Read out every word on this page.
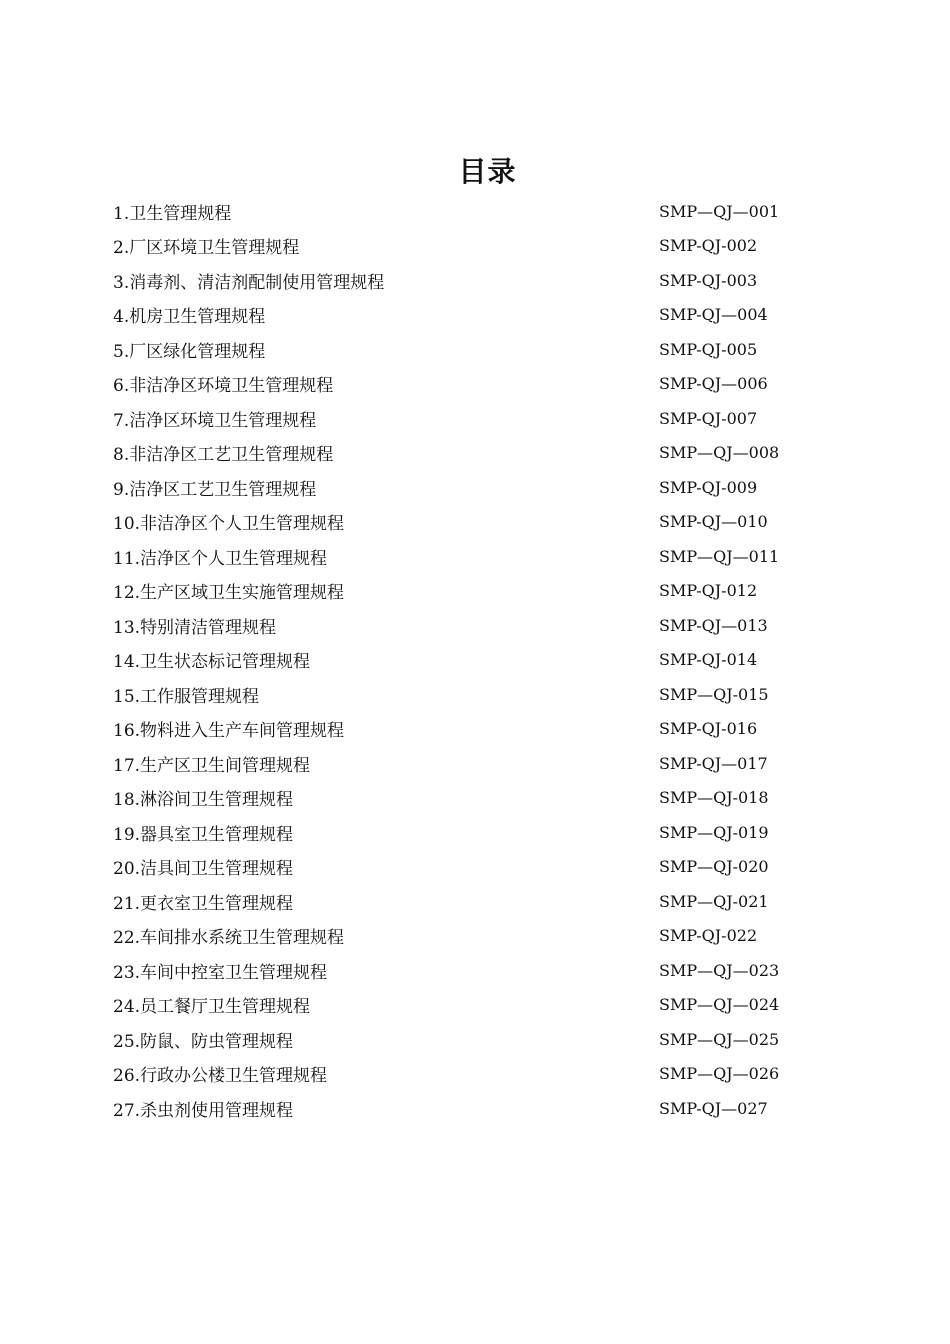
目录
1.卫生管理规程	SMP—QJ—001
2.厂区环境卫生管理规程	SMP-QJ-002
3.消毒剂、清洁剂配制使用管理规程	SMP-QJ-003
4.机房卫生管理规程	SMP-QJ—004
5.厂区绿化管理规程	SMP-QJ-005
6.非洁净区环境卫生管理规程	SMP-QJ—006
7.洁净区环境卫生管理规程	SMP-QJ-007
8.非洁净区工艺卫生管理规程	SMP—QJ—008
9.洁净区工艺卫生管理规程	SMP-QJ-009
10.非洁净区个人卫生管理规程	SMP-QJ—010
11.洁净区个人卫生管理规程	SMP—QJ—011
12.生产区域卫生实施管理规程	SMP-QJ-012
13.特别清洁管理规程	SMP-QJ—013
14.卫生状态标记管理规程	SMP-QJ-014
15.工作服管理规程	SMP—QJ-015
16.物料进入生产车间管理规程	SMP-QJ-016
17.生产区卫生间管理规程	SMP-QJ—017
18.淋浴间卫生管理规程	SMP—QJ-018
19.器具室卫生管理规程	SMP—QJ-019
20.洁具间卫生管理规程	SMP—QJ-020
21.更衣室卫生管理规程	SMP—QJ-021
22.车间排水系统卫生管理规程	SMP-QJ-022
23.车间中控室卫生管理规程	SMP—QJ—023
24.员工餐厅卫生管理规程	SMP—QJ—024
25.防鼠、防虫管理规程	SMP—QJ—025
26.行政办公楼卫生管理规程	SMP—QJ—026
27.杀虫剂使用管理规程	SMP-QJ—027
